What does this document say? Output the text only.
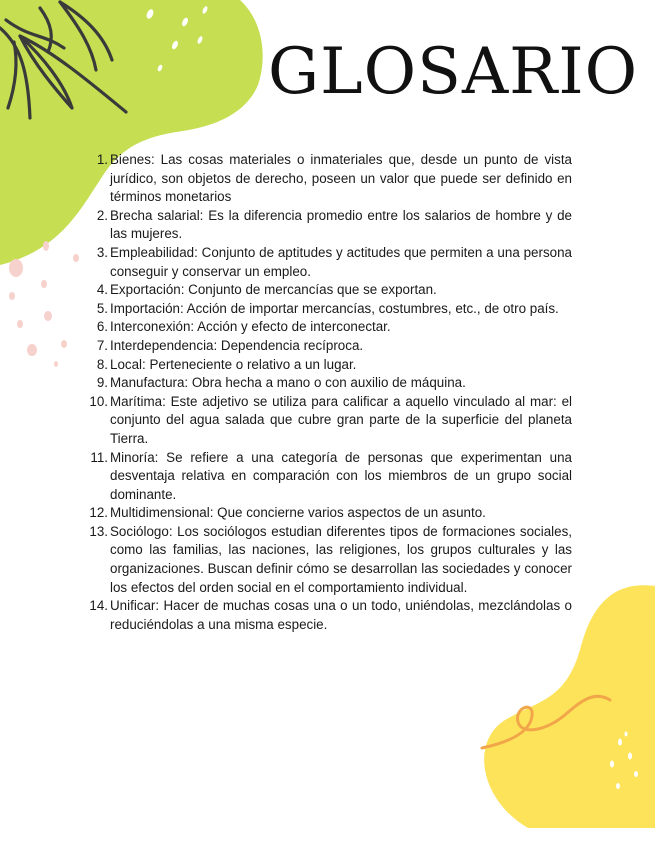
GLOSARIO
1. Bienes: Las cosas materiales o inmateriales que, desde un punto de vista jurídico, son objetos de derecho, poseen un valor que puede ser definido en términos monetarios
2. Brecha salarial: Es la diferencia promedio entre los salarios de hombre y de las mujeres.
3. Empleabilidad: Conjunto de aptitudes y actitudes que permiten a una persona conseguir y conservar un empleo.
4. Exportación: Conjunto de mercancías que se exportan.
5. Importación: Acción de importar mercancías, costumbres, etc., de otro país.
6. Interconexión: Acción y efecto de interconectar.
7. Interdependencia: Dependencia recíproca.
8. Local: Perteneciente o relativo a un lugar.
9. Manufactura: Obra hecha a mano o con auxilio de máquina.
10. Marítima: Este adjetivo se utiliza para calificar a aquello vinculado al mar: el conjunto del agua salada que cubre gran parte de la superficie del planeta Tierra.
11. Minoría: Se refiere a una categoría de personas que experimentan una desventaja relativa en comparación con los miembros de un grupo social dominante.
12. Multidimensional: Que concierne varios aspectos de un asunto.
13. Sociólogo: Los sociólogos estudian diferentes tipos de formaciones sociales, como las familias, las naciones, las religiones, los grupos culturales y las organizaciones. Buscan definir cómo se desarrollan las sociedades y conocer los efectos del orden social en el comportamiento individual.
14. Unificar: Hacer de muchas cosas una o un todo, uniéndolas, mezclándolas o reduciéndolas a una misma especie.
